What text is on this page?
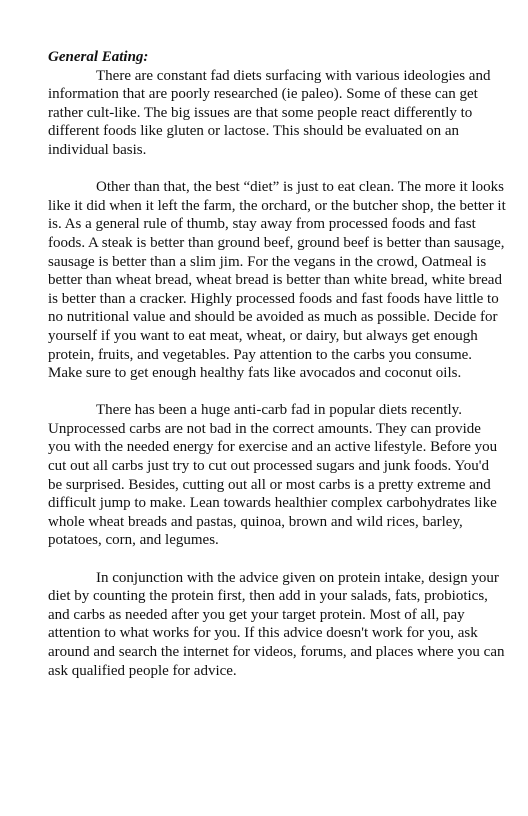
General Eating:

There are constant fad diets surfacing with various ideologies and information that are poorly researched (ie paleo). Some of these can get rather cult-like. The big issues are that some people react differently to different foods like gluten or lactose. This should be evaluated on an individual basis.

Other than that, the best “diet” is just to eat clean. The more it looks like it did when it left the farm, the orchard, or the butcher shop, the better it is. As a general rule of thumb, stay away from processed foods and fast foods. A steak is better than ground beef, ground beef is better than sausage, sausage is better than a slim jim. For the vegans in the crowd, Oatmeal is better than wheat bread, wheat bread is better than white bread, white bread is better than a cracker. Highly processed foods and fast foods have little to no nutritional value and should be avoided as much as possible. Decide for yourself if you want to eat meat, wheat, or dairy, but always get enough protein, fruits, and vegetables. Pay attention to the carbs you consume. Make sure to get enough healthy fats like avocados and coconut oils.

There has been a huge anti-carb fad in popular diets recently. Unprocessed carbs are not bad in the correct amounts. They can provide you with the needed energy for exercise and an active lifestyle. Before you cut out all carbs just try to cut out processed sugars and junk foods. You'd be surprised. Besides, cutting out all or most carbs is a pretty extreme and difficult jump to make. Lean towards healthier complex carbohydrates like whole wheat breads and pastas, quinoa, brown and wild rices, barley, potatoes, corn, and legumes.

In conjunction with the advice given on protein intake, design your diet by counting the protein first, then add in your salads, fats, probiotics, and carbs as needed after you get your target protein. Most of all, pay attention to what works for you. If this advice doesn't work for you, ask around and search the internet for videos, forums, and places where you can ask qualified people for advice.
